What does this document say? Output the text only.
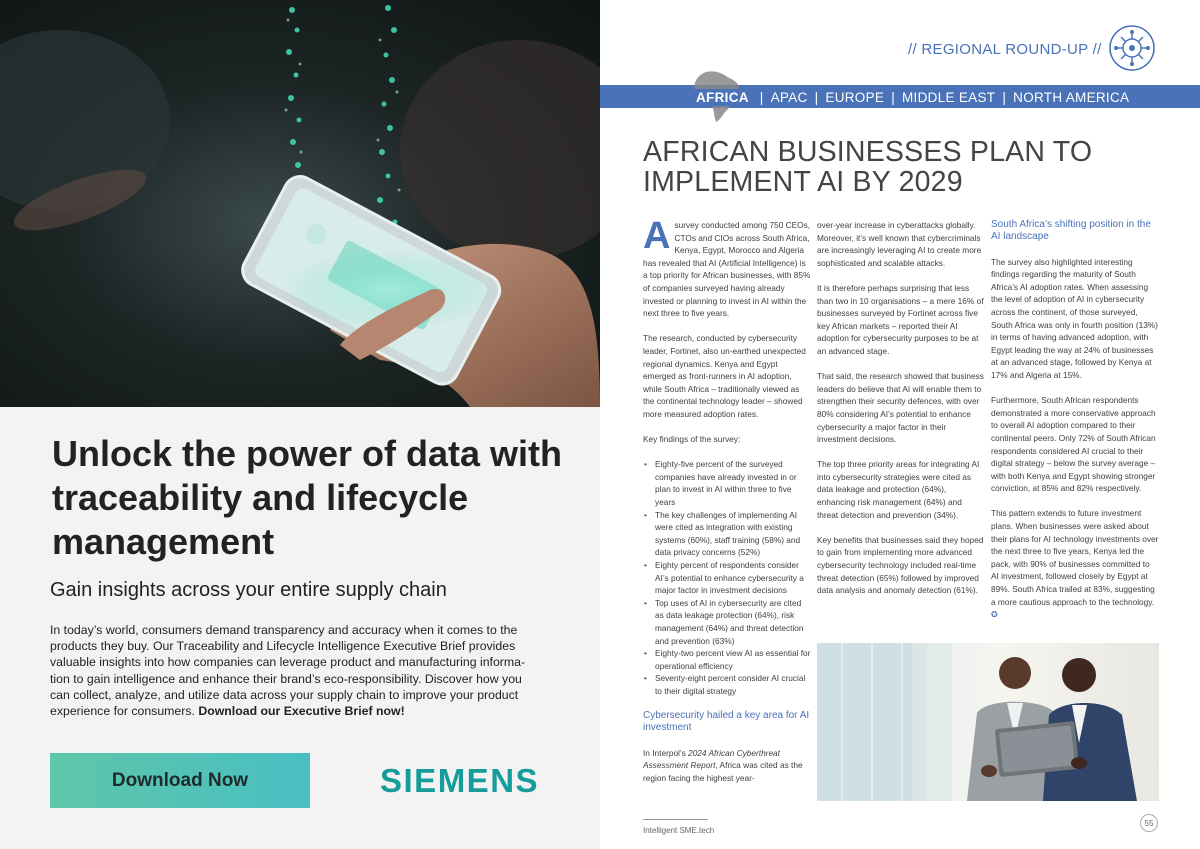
Unlock the power of data with traceability and lifecycle management
Gain insights across your entire supply chain
In today’s world, consumers demand transparency and accuracy when it comes to the products they buy. Our Traceability and Lifecycle Intelligence Executive Brief provides valuable insights into how companies can leverage product and manufacturing informa-tion to gain intelligence and enhance their brand’s eco-responsibility. Discover how you can collect, analyze, and utilize data across your supply chain to improve your product experience for consumers. Download our Executive Brief now!
Download Now	SIEMENS
// REGIONAL ROUND-UP //
AFRICA | APAC | EUROPE | MIDDLE EAST | NORTH AMERICA
AFRICAN BUSINESSES PLAN TO IMPLEMENT AI BY 2029

Asurvey conducted among 750 CEOs, CTOs and CIOs across South Africa, Kenya, Egypt, Morocco and Algeria has revealed that AI (Artificial Intelligence) is a top priority for African businesses, with 85% of companies surveyed having already invested or planning to invest in AI within the next three to five years.

The research, conducted by cybersecurity leader, Fortinet, also un-earthed unexpected regional dynamics. Kenya and Egypt emerged as front-runners in AI adoption, while South Africa – traditionally viewed as the continental technology leader – showed more measured adoption rates.

Key findings of the survey:

• Eighty-five percent of the surveyed companies have already invested in or plan to invest in AI within three to five years
• The key challenges of implementing AI were cited as integration with existing systems (60%), staff training (58%) and data privacy concerns (52%)
• Eighty percent of respondents consider AI’s potential to enhance cybersecurity a major factor in investment decisions
• Top uses of AI in cybersecurity are cited as data leakage protection (64%), risk management (64%) and threat detection and prevention (63%)
• Eighty-two percent view AI as essential for operational efficiency
• Seventy-eight percent consider AI crucial to their digital strategy
Cybersecurity hailed a key area for AI investment

In Interpol’s 2024 African Cyberthreat Assessment Report, Africa was cited as the region facing the highest year-

over-year increase in cyberattacks globally. Moreover, it’s well known that cybercriminals are increasingly leveraging AI to create more sophisticated and scalable attacks.

It is therefore perhaps surprising that less than two in 10 organisations – a mere 16% of businesses surveyed by Fortinet across five key African markets – reported their AI adoption for cybersecurity purposes to be at an advanced stage.

That said, the research showed that business leaders do believe that AI will enable them to strengthen their security defences, with over 80% considering AI’s potential to enhance cybersecurity a major factor in their investment decisions.

The top three priority areas for integrating AI into cybersecurity strategies were cited as data leakage and protection (64%), enhancing risk management (64%) and threat detection and prevention (34%).

Key benefits that businesses said they hoped to gain from implementing more advanced cybersecurity technology included real-time threat detection (65%) followed by improved data analysis and anomaly detection (61%).

South Africa’s shifting position in the AI landscape

The survey also highlighted interesting findings regarding the maturity of South Africa’s AI adoption rates. When assessing the level of adoption of AI in cybersecurity across the continent, of those surveyed, South Africa was only in fourth position (13%) in terms of having advanced adoption, with Egypt leading the way at 24% of businesses at an advanced stage, followed by Kenya at 17% and Algeria at 15%.

Furthermore, South African respondents demonstrated a more conservative approach to overall AI adoption compared to their continental peers. Only 72% of South African respondents considered AI crucial to their digital strategy – below the survey average – with both Kenya and Egypt showing stronger conviction, at 85% and 82% respectively.

This pattern extends to future investment plans. When businesses were asked about their plans for AI technology investments over the next three to five years, Kenya led the pack, with 90% of businesses committed to AI investment, followed closely by Egypt at 89%. South Africa trailed at 83%, suggesting a more cautious approach to the technology. ✪

Intelligent SME.tech
55
